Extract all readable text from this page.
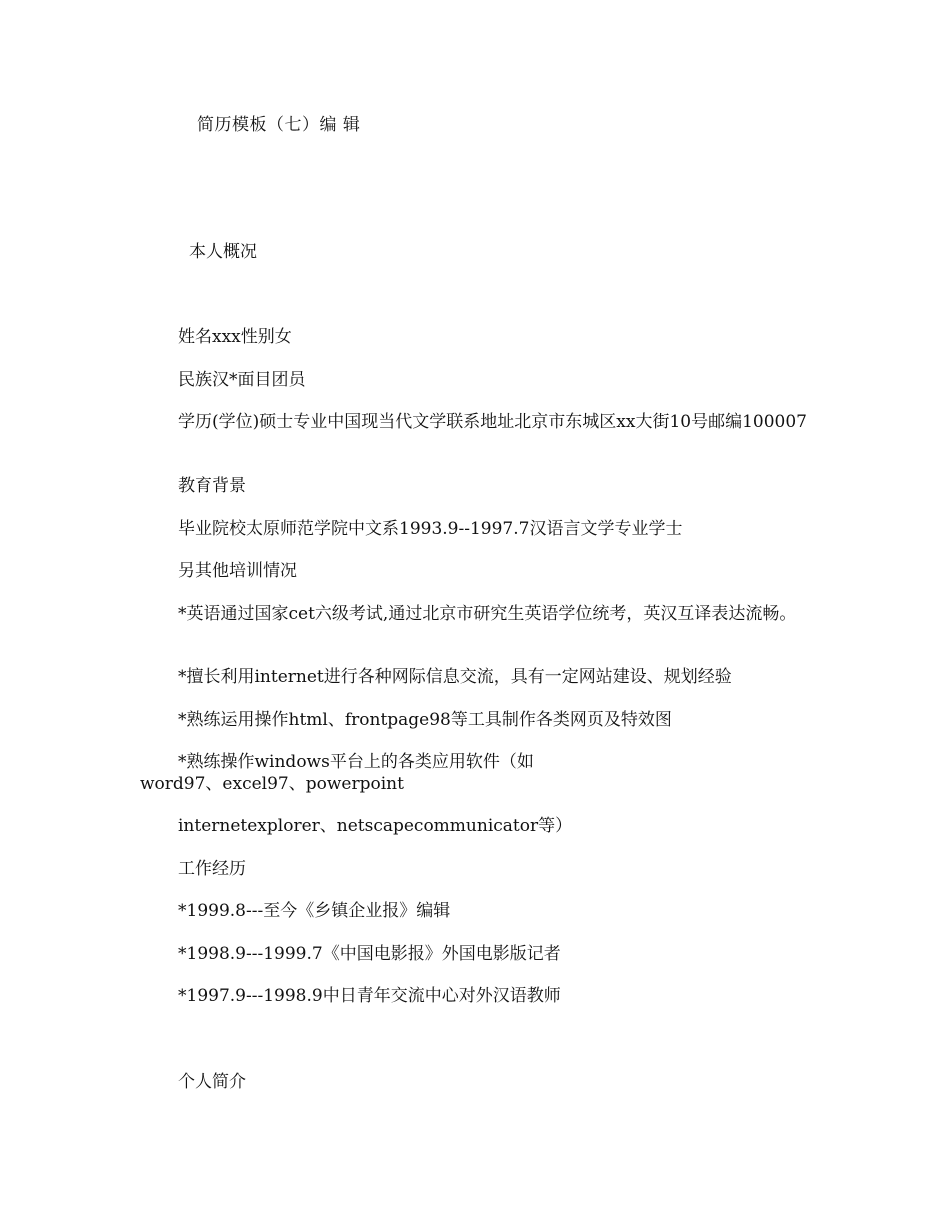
简历模板（七）编 辑

本人概况

姓名xxx性别女

民族汉*面目团员

学历(学位)硕士专业中国现当代文学联系地址北京市东城区xx大街10号邮编100007

教育背景

毕业院校太原师范学院中文系1993.9--1997.7汉语言文学专业学士

另其他培训情况

*英语通过国家cet六级考试,通过北京市研究生英语学位统考，英汉互译表达流畅。

*擅长利用internet进行各种网际信息交流，具有一定网站建设、规划经验

*熟练运用操作html、frontpage98等工具制作各类网页及特效图

*熟练操作windows平台上的各类应用软件（如

word97、excel97、powerpoint

internetexplorer、netscapecommunicator等）

工作经历

*1999.8---至今《乡镇企业报》编辑

*1998.9---1999.7《中国电影报》外国电影版记者

*1997.9---1998.9中日青年交流中心对外汉语教师

个人简介
